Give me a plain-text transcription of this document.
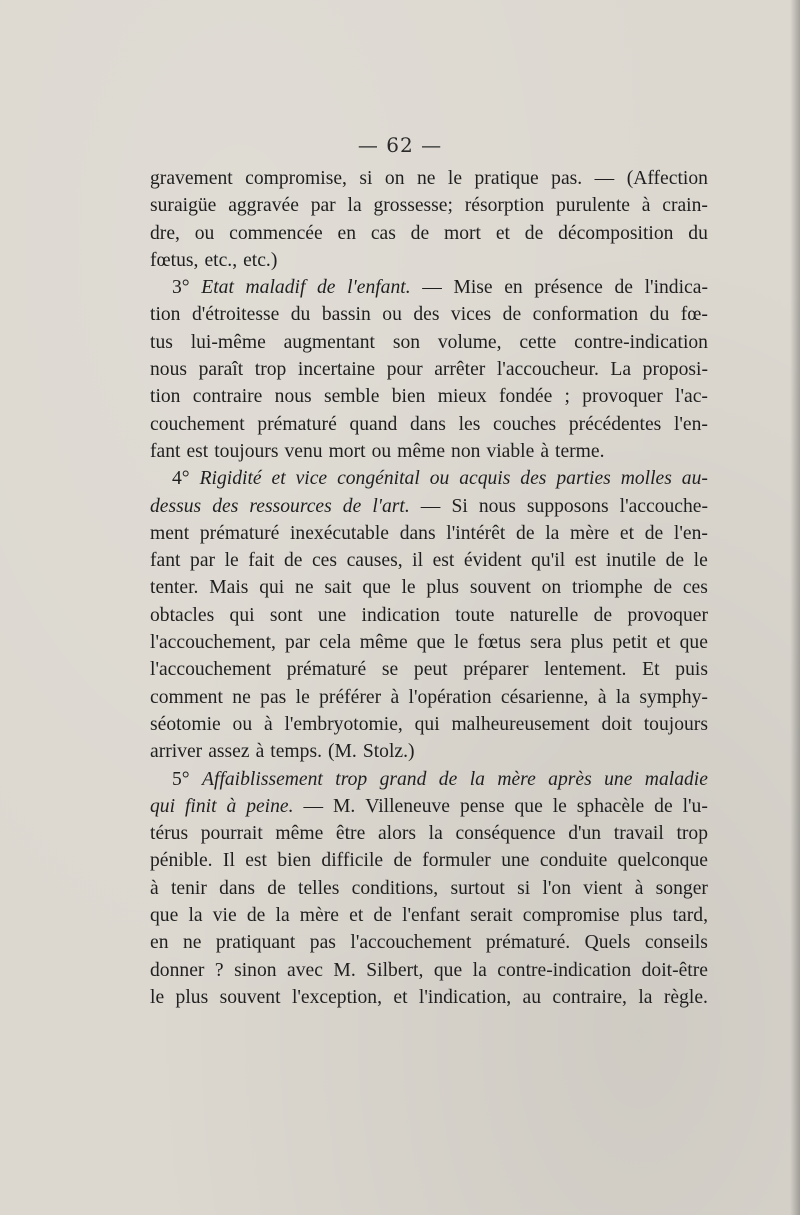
— 62 —
gravement compromise, si on ne le pratique pas. — (Affection
suraigüe aggravée par la grossesse; résorption purulente à crain-
dre, ou commencée en cas de mort et de décomposition du
fœtus, etc., etc.)
3° Etat maladif de l'enfant. — Mise en présence de l'indica-
tion d'étroitesse du bassin ou des vices de conformation du fœ-
tus lui-même augmentant son volume, cette contre-indication
nous paraît trop incertaine pour arrêter l'accoucheur. La proposi-
tion contraire nous semble bien mieux fondée ; provoquer l'ac-
couchement prématuré quand dans les couches précédentes l'en-
fant est toujours venu mort ou même non viable à terme.
4° Rigidité et vice congénital ou acquis des parties molles au-
dessus des ressources de l'art. — Si nous supposons l'accouche-
ment prématuré inexécutable dans l'intérêt de la mère et de l'en-
fant par le fait de ces causes, il est évident qu'il est inutile de le
tenter. Mais qui ne sait que le plus souvent on triomphe de ces
obtacles qui sont une indication toute naturelle de provoquer
l'accouchement, par cela même que le fœtus sera plus petit et que
l'accouchement prématuré se peut préparer lentement. Et puis
comment ne pas le préférer à l'opération césarienne, à la symphy-
séotomie ou à l'embryotomie, qui malheureusement doit toujours
arriver assez à temps. (M. Stolz.)
5° Affaiblissement trop grand de la mère après une maladie
qui finit à peine. — M. Villeneuve pense que le sphacèle de l'u-
térus pourrait même être alors la conséquence d'un travail trop
pénible. Il est bien difficile de formuler une conduite quelconque
à tenir dans de telles conditions, surtout si l'on vient à songer
que la vie de la mère et de l'enfant serait compromise plus tard,
en ne pratiquant pas l'accouchement prématuré. Quels conseils
donner ? sinon avec M. Silbert, que la contre-indication doit-être
le plus souvent l'exception, et l'indication, au contraire, la règle.
